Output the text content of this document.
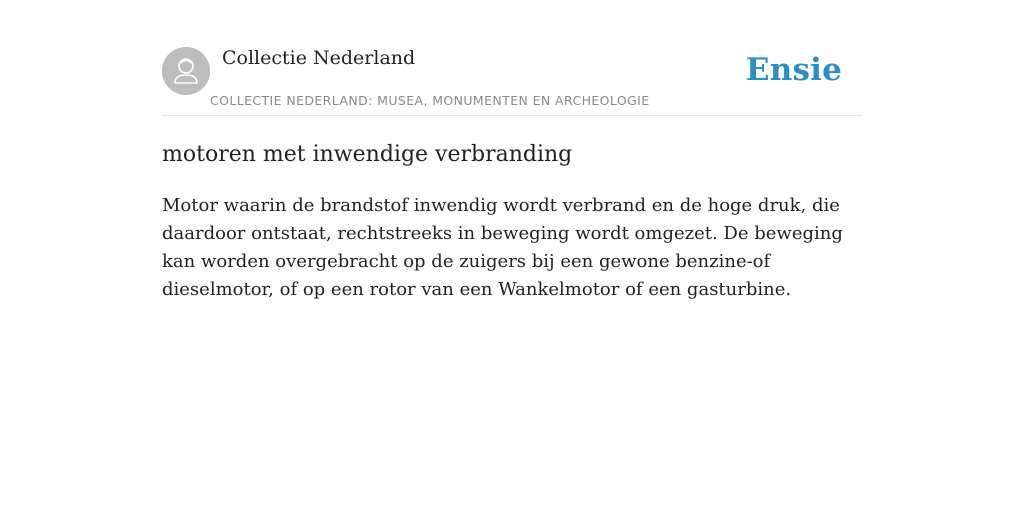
Collectie Nederland
COLLECTIE NEDERLAND: MUSEA, MONUMENTEN EN ARCHEOLOGIE
Ensie
motoren met inwendige verbranding

Motor waarin de brandstof inwendig wordt verbrand en de hoge druk, die daardoor ontstaat, rechtstreeks in beweging wordt omgezet. De beweging kan worden overgebracht op de zuigers bij een gewone benzine-of dieselmotor, of op een rotor van een Wankelmotor of een gasturbine.
